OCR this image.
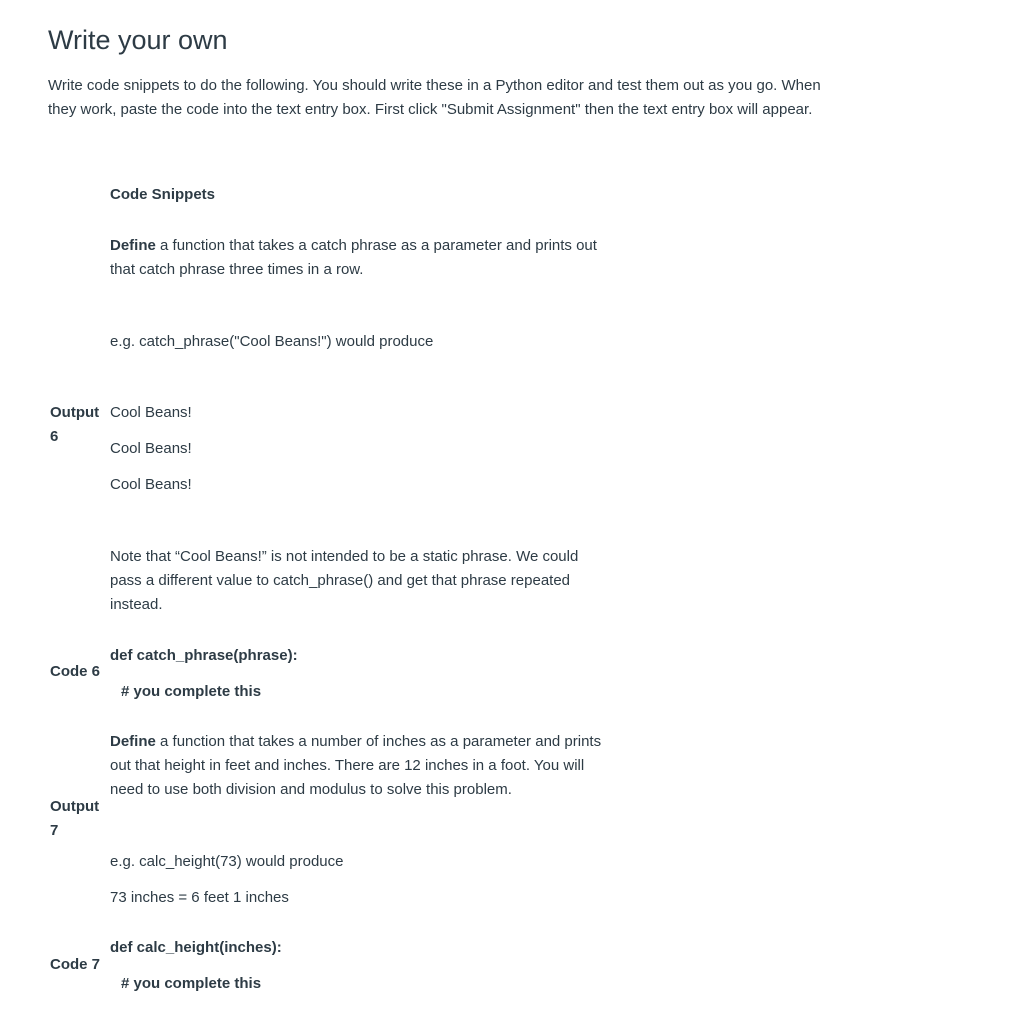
Write your own
Write code snippets to do the following. You should write these in a Python editor and test them out as you go. When
they work, paste the code into the text entry box. First click "Submit Assignment" then the text entry box will appear.
Code Snippets
Define a function that takes a catch phrase as a parameter and prints out
that catch phrase three times in a row.
e.g. catch_phrase("Cool Beans!") would produce
Output
6
Cool Beans!
Cool Beans!
Cool Beans!
Note that “Cool Beans!” is not intended to be a static phrase. We could
pass a different value to catch_phrase() and get that phrase repeated
instead.
def catch_phrase(phrase):
Code 6
# you complete this
Define a function that takes a number of inches as a parameter and prints
out that height in feet and inches. There are 12 inches in a foot. You will
need to use both division and modulus to solve this problem.
Output
7
e.g. calc_height(73) would produce
73 inches = 6 feet 1 inches
def calc_height(inches):
Code 7
# you complete this
